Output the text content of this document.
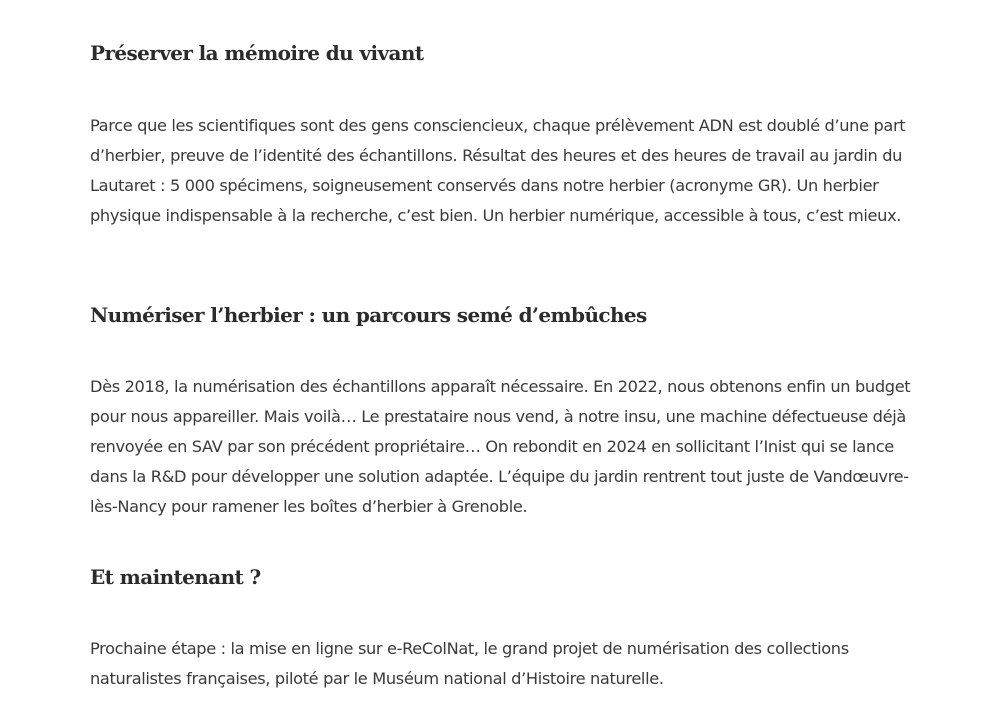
Préserver la mémoire du vivant

Parce que les scientifiques sont des gens consciencieux, chaque prélèvement ADN est doublé d’une part d’herbier, preuve de l’identité des échantillons. Résultat des heures et des heures de travail au jardin du Lautaret : 5 000 spécimens, soigneusement conservés dans notre herbier (acronyme GR). Un herbier physique indispensable à la recherche, c’est bien. Un herbier numérique, accessible à tous, c’est mieux.

Numériser l’herbier : un parcours semé d’embûches

Dès 2018, la numérisation des échantillons apparaît nécessaire. En 2022, nous obtenons enfin un budget pour nous appareiller. Mais voilà… Le prestataire nous vend, à notre insu, une machine défectueuse déjà renvoyée en SAV par son précédent propriétaire… On rebondit en 2024 en sollicitant l’Inist qui se lance dans la R&D pour développer une solution adaptée. L’équipe du jardin rentrent tout juste de Vandœuvre-lès-Nancy pour ramener les boîtes d’herbier à Grenoble.

Et maintenant ?

Prochaine étape : la mise en ligne sur e-ReColNat, le grand projet de numérisation des collections naturalistes françaises, piloté par le Muséum national d’Histoire naturelle.
